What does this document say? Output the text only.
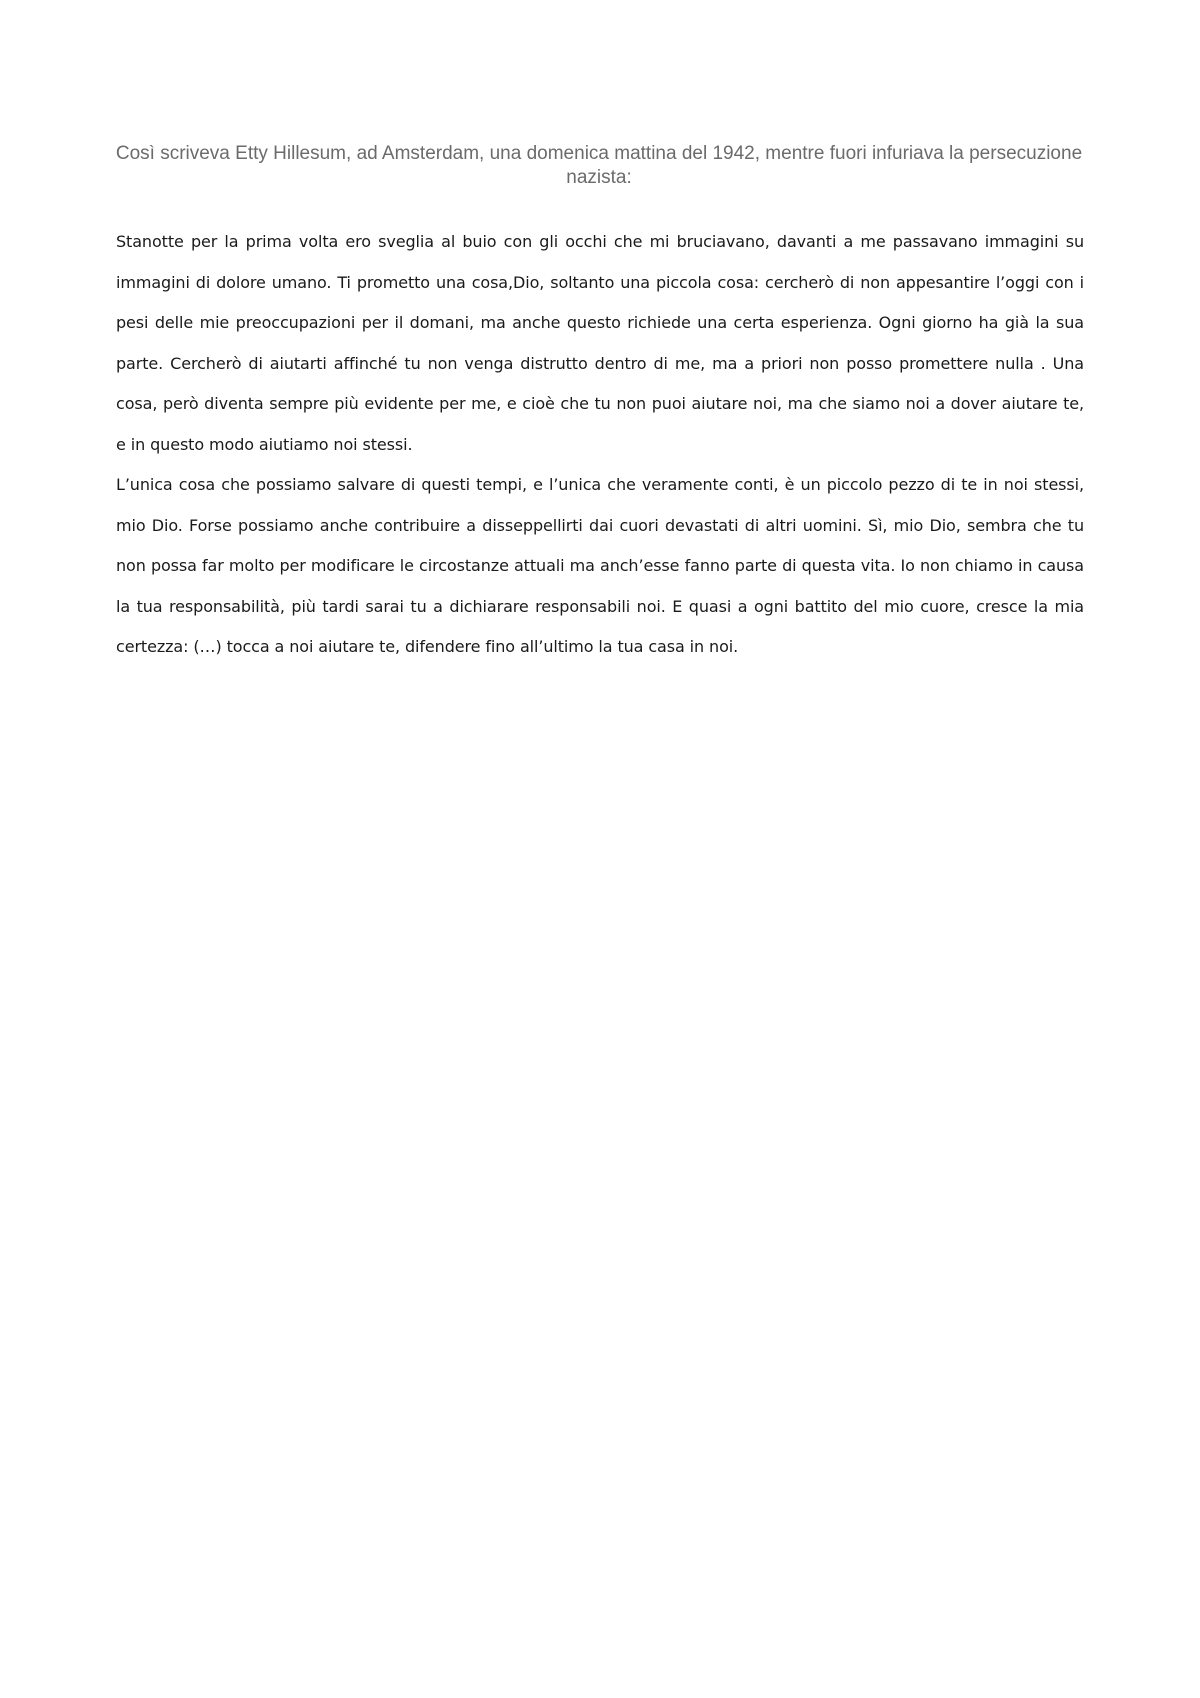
Così scriveva Etty Hillesum, ad Amsterdam, una domenica mattina del 1942, mentre fuori infuriava la persecuzione nazista:

Stanotte per la prima volta ero sveglia al buio con gli occhi che mi bruciavano, davanti a me passavano immagini su immagini di dolore umano. Ti prometto una cosa,Dio, soltanto una piccola cosa: cercherò di non appesantire l’oggi con i pesi delle mie preoccupazioni per il domani, ma anche questo richiede una certa esperienza. Ogni giorno ha già la sua parte. Cercherò di aiutarti affinché tu non venga distrutto dentro di me, ma a priori non posso promettere nulla . Una cosa, però diventa sempre più evidente per me, e cioè che tu non puoi aiutare noi, ma che siamo noi a dover aiutare te, e in questo modo aiutiamo noi stessi.

L’unica cosa che possiamo salvare di questi tempi, e l’unica che veramente conti, è un piccolo pezzo di te in noi stessi, mio Dio. Forse possiamo anche contribuire a disseppellirti dai cuori devastati di altri uomini. Sì, mio Dio, sembra che tu non possa far molto per modificare le circostanze attuali ma anch’esse fanno parte di questa vita. Io non chiamo in causa la tua responsabilità, più tardi sarai tu a dichiarare responsabili noi. E quasi a ogni battito del mio cuore, cresce la mia certezza: (…) tocca a noi aiutare te, difendere fino all’ultimo la tua casa in noi.
